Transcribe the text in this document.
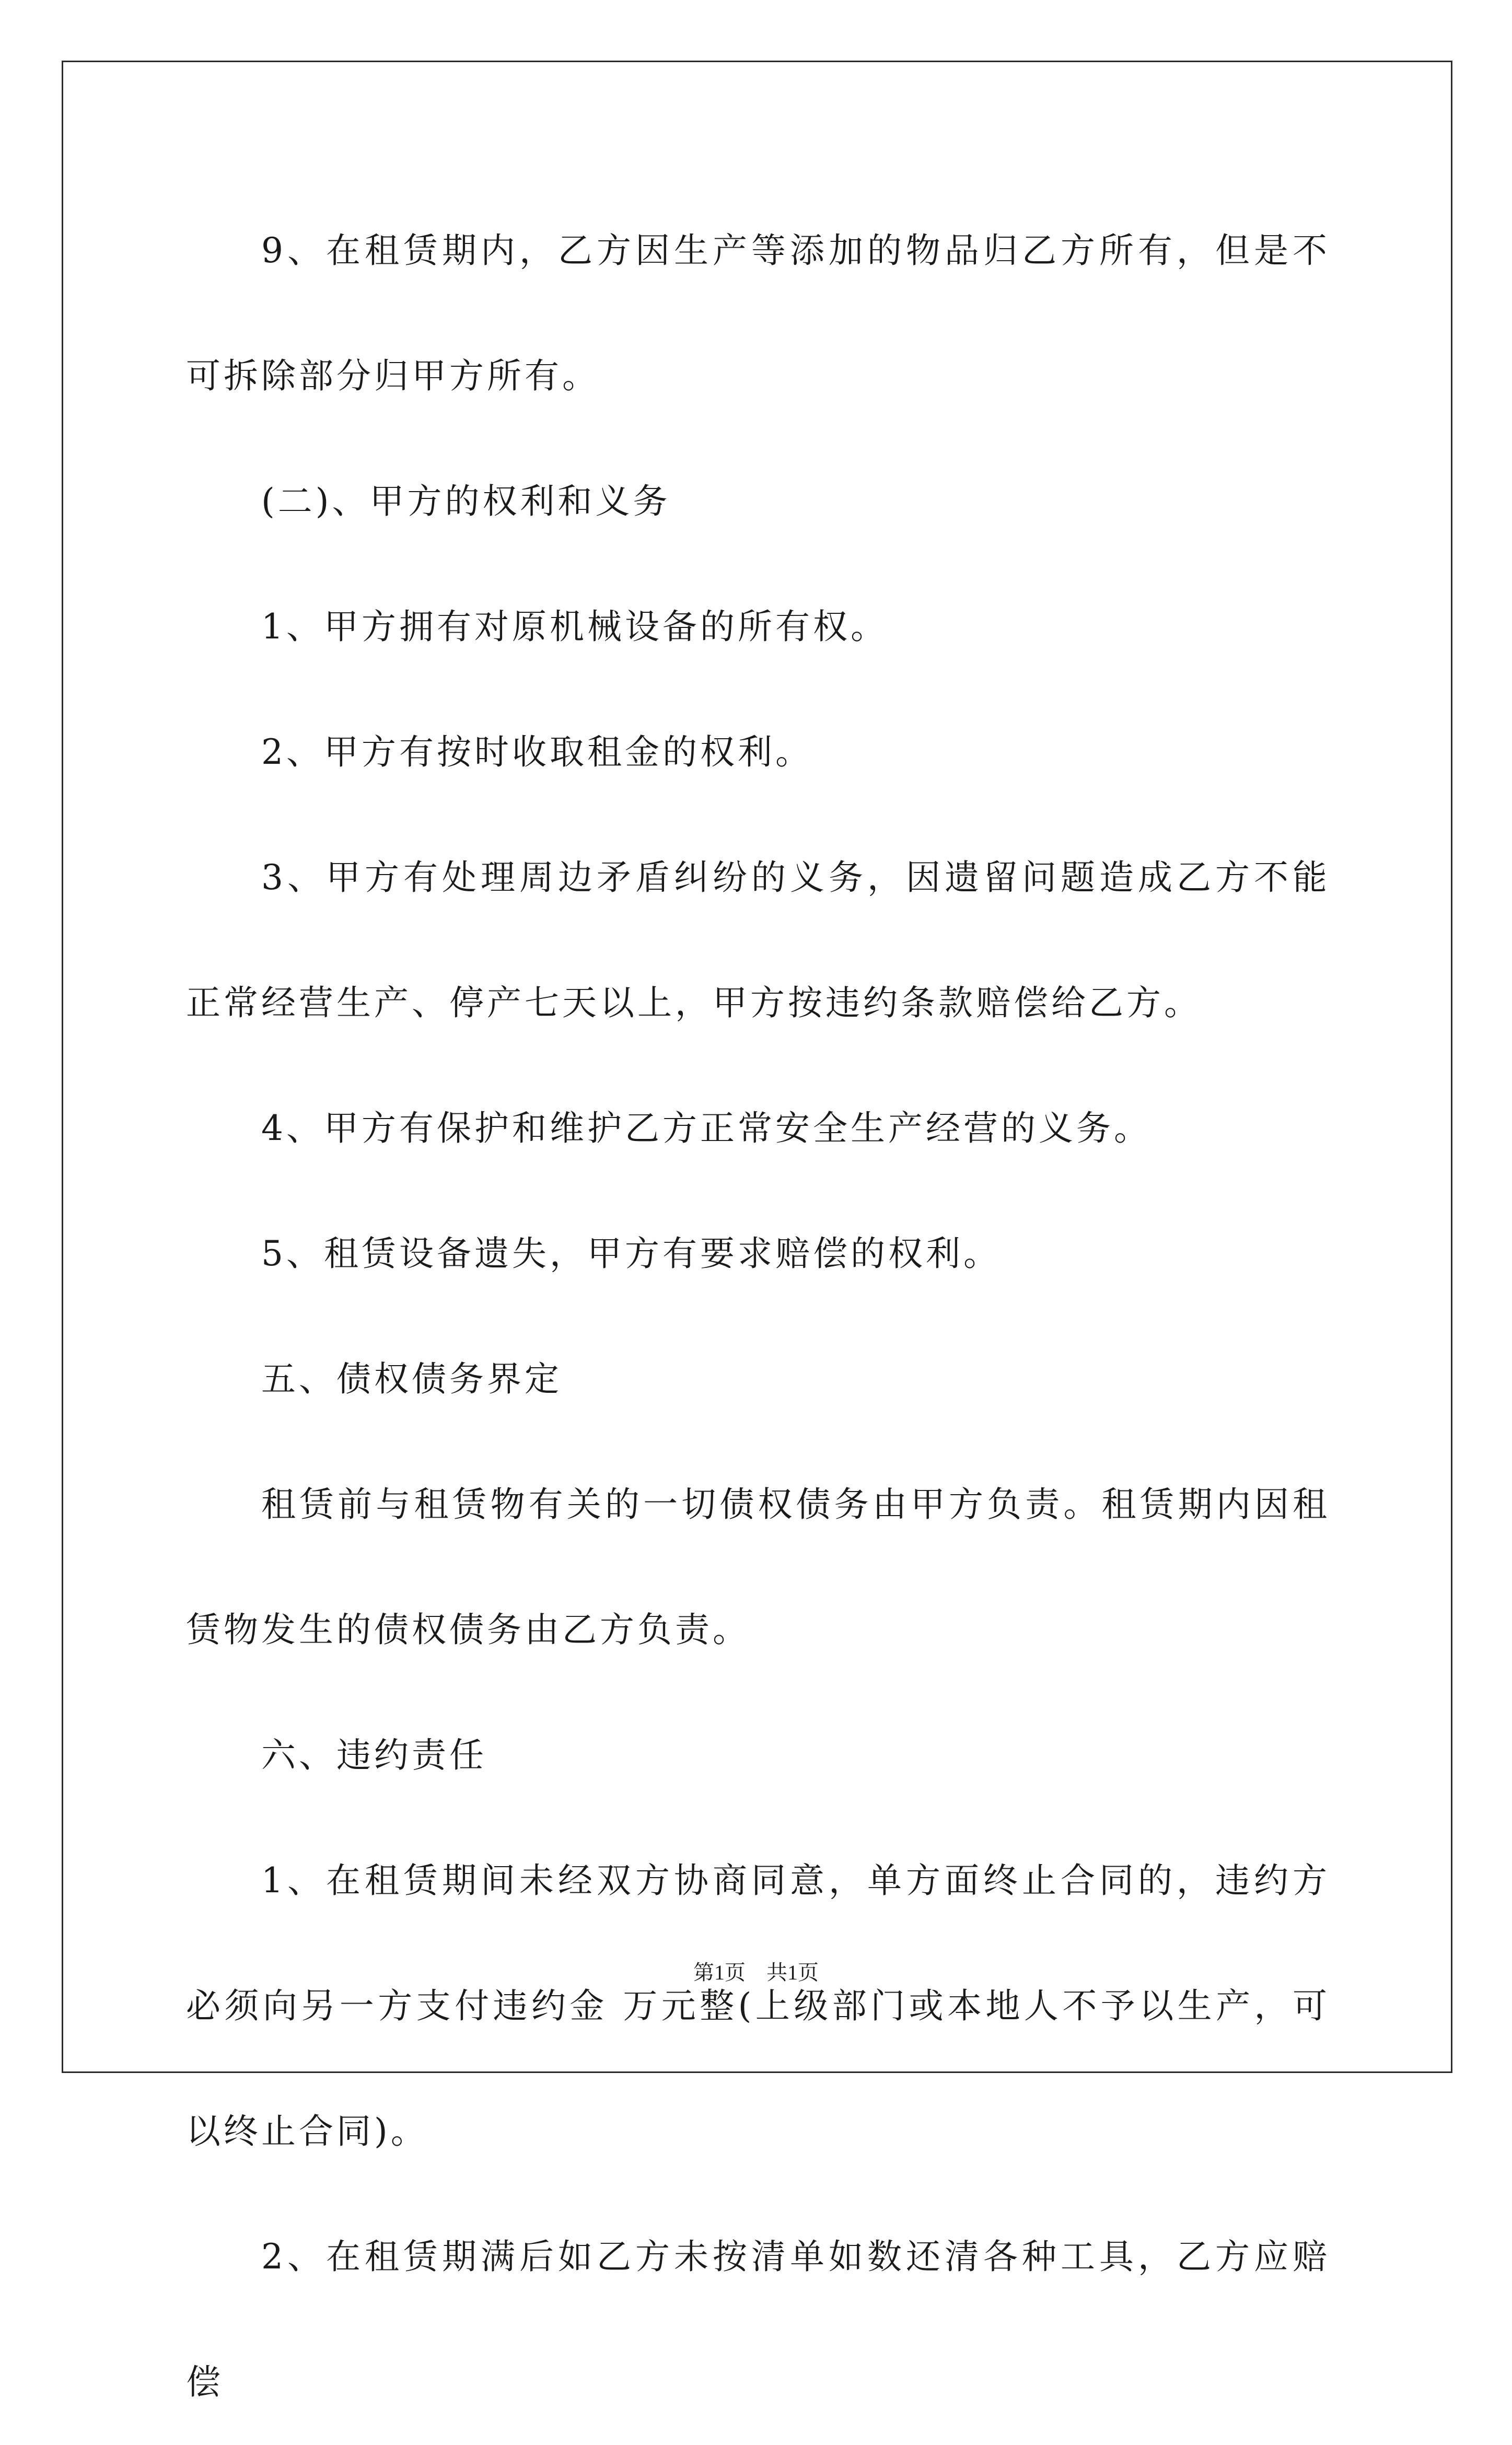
9、在租赁期内，乙方因生产等添加的物品归乙方所有，但是不可拆除部分归甲方所有。

(二)、甲方的权利和义务

1、甲方拥有对原机械设备的所有权。

2、甲方有按时收取租金的权利。

3、甲方有处理周边矛盾纠纷的义务，因遗留问题造成乙方不能正常经营生产、停产七天以上，甲方按违约条款赔偿给乙方。

4、甲方有保护和维护乙方正常安全生产经营的义务。

5、租赁设备遗失，甲方有要求赔偿的权利。

五、债权债务界定

租赁前与租赁物有关的一切债权债务由甲方负责。租赁期内因租赁物发生的债权债务由乙方负责。

六、违约责任

1、在租赁期间未经双方协商同意，单方面终止合同的，违约方必须向另一方支付违约金 万元整(上级部门或本地人不予以生产，可以终止合同)。

2、在租赁期满后如乙方未按清单如数还清各种工具，乙方应赔偿

第1页　共1页
